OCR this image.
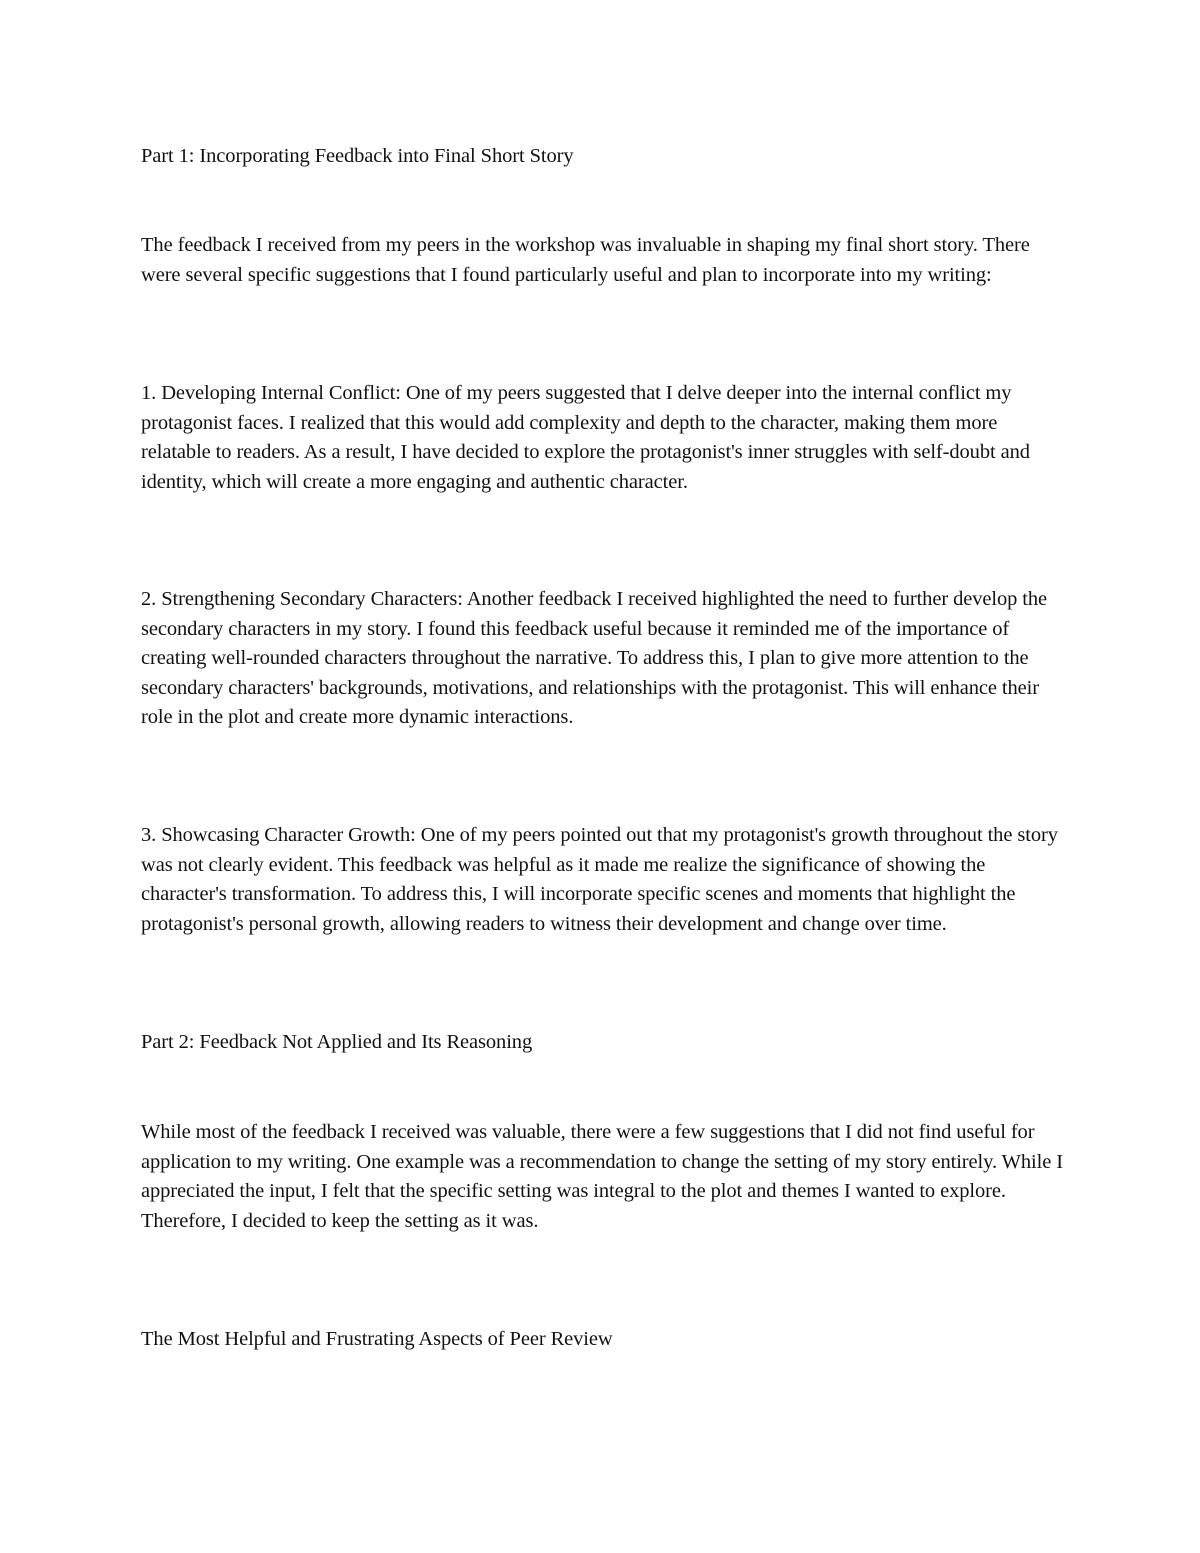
Part 1: Incorporating Feedback into Final Short Story

The feedback I received from my peers in the workshop was invaluable in shaping my final short story. There were several specific suggestions that I found particularly useful and plan to incorporate into my writing:

1. Developing Internal Conflict: One of my peers suggested that I delve deeper into the internal conflict my protagonist faces. I realized that this would add complexity and depth to the character, making them more relatable to readers. As a result, I have decided to explore the protagonist's inner struggles with self-doubt and identity, which will create a more engaging and authentic character.

2. Strengthening Secondary Characters: Another feedback I received highlighted the need to further develop the secondary characters in my story. I found this feedback useful because it reminded me of the importance of creating well-rounded characters throughout the narrative. To address this, I plan to give more attention to the secondary characters' backgrounds, motivations, and relationships with the protagonist. This will enhance their role in the plot and create more dynamic interactions.

3. Showcasing Character Growth: One of my peers pointed out that my protagonist's growth throughout the story was not clearly evident. This feedback was helpful as it made me realize the significance of showing the character's transformation. To address this, I will incorporate specific scenes and moments that highlight the protagonist's personal growth, allowing readers to witness their development and change over time.

Part 2: Feedback Not Applied and Its Reasoning

While most of the feedback I received was valuable, there were a few suggestions that I did not find useful for application to my writing. One example was a recommendation to change the setting of my story entirely. While I appreciated the input, I felt that the specific setting was integral to the plot and themes I wanted to explore. Therefore, I decided to keep the setting as it was.

The Most Helpful and Frustrating Aspects of Peer Review
